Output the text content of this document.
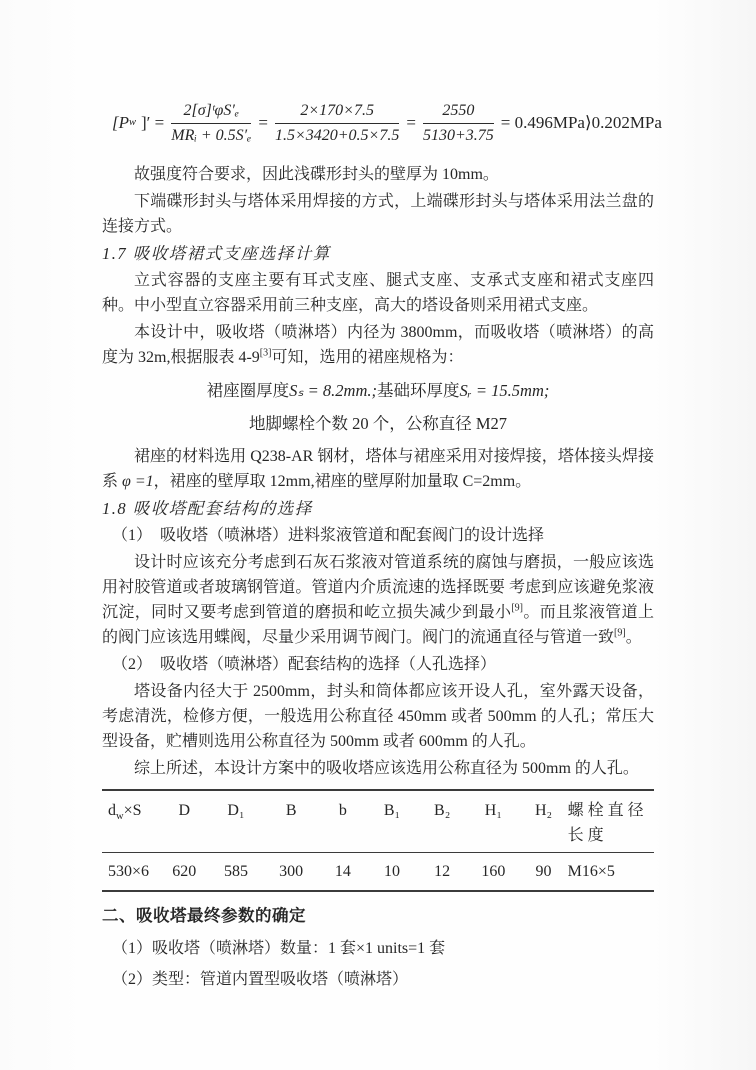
[P w ]′ = $\frac{\text{2[σ]ᵗφS′ₑ}}{\text{MRᵢ + 0.5S′ₑ}} = \frac{2\times 170\times 7.5}{1.5\times 3420+0.5\times 7.5} = \frac{2550}{5130+3.75}$ = 0.496MPa⟩0.202MPa

故强度符合要求，因此浅碟形封头的壁厚为 10mm。

下端碟形封头与塔体采用焊接的方式，上端碟形封头与塔体采用法兰盘的连接方式。

1.7 吸收塔裙式支座选择计算

立式容器的支座主要有耳式支座、腿式支座、支承式支座和裙式支座四种。中小型直立容器采用前三种支座，高大的塔设备则采用裙式支座。

本设计中，吸收塔（喷淋塔）内径为 3800mm，而吸收塔（喷淋塔）的高度为 32m,根据服表 4-9[3]可知，选用的裙座规格为：

裙座圈厚度Sₛ = 8.2mm.;基础环厚度Sᵣ = 15.5mm;
地脚螺栓个数 20 个，公称直径 M27

裙座的材料选用 Q238-AR 钢材，塔体与裙座采用对接焊接，塔体接头焊接系 φ =1，裙座的壁厚取 12mm,裙座的壁厚附加量取 C=2mm。

1.8 吸收塔配套结构的选择

（1）　吸收塔（喷淋塔）进料浆液管道和配套阀门的设计选择

设计时应该充分考虑到石灰石浆液对管道系统的腐蚀与磨损，一般应该选用衬胶管道或者玻璃钢管道。管道内介质流速的选择既要 考虑到应该避免浆液沉淀，同时又要考虑到管道的磨损和屹立损失减少到最小[9]。而且浆液管道上的阀门应该选用蝶阀，尽量少采用调节阀门。阀门的流通直径与管道一致[9]。

（2）　吸收塔（喷淋塔）配套结构的选择（人孔选择）

塔设备内径大于 2500mm，封头和筒体都应该开设人孔，室外露天设备，考虑清洗，检修方便，一般选用公称直径 450mm 或者 500mm 的人孔；常压大型设备，贮槽则选用公称直径为 500mm 或者 600mm 的人孔。

综上所述，本设计方案中的吸收塔应该选用公称直径为 500mm 的人孔。

$d_w\times S$	D	D₁	B	b	B₁	B₂	H₁	H₂	螺栓直径长度
530×6	620	585	300	14	10	12	160	90	M16×5
二、吸收塔最终参数的确定

（1）吸收塔（喷淋塔）数量：1 套×1 units=1 套

（2）类型：管道内置型吸收塔（喷淋塔）
